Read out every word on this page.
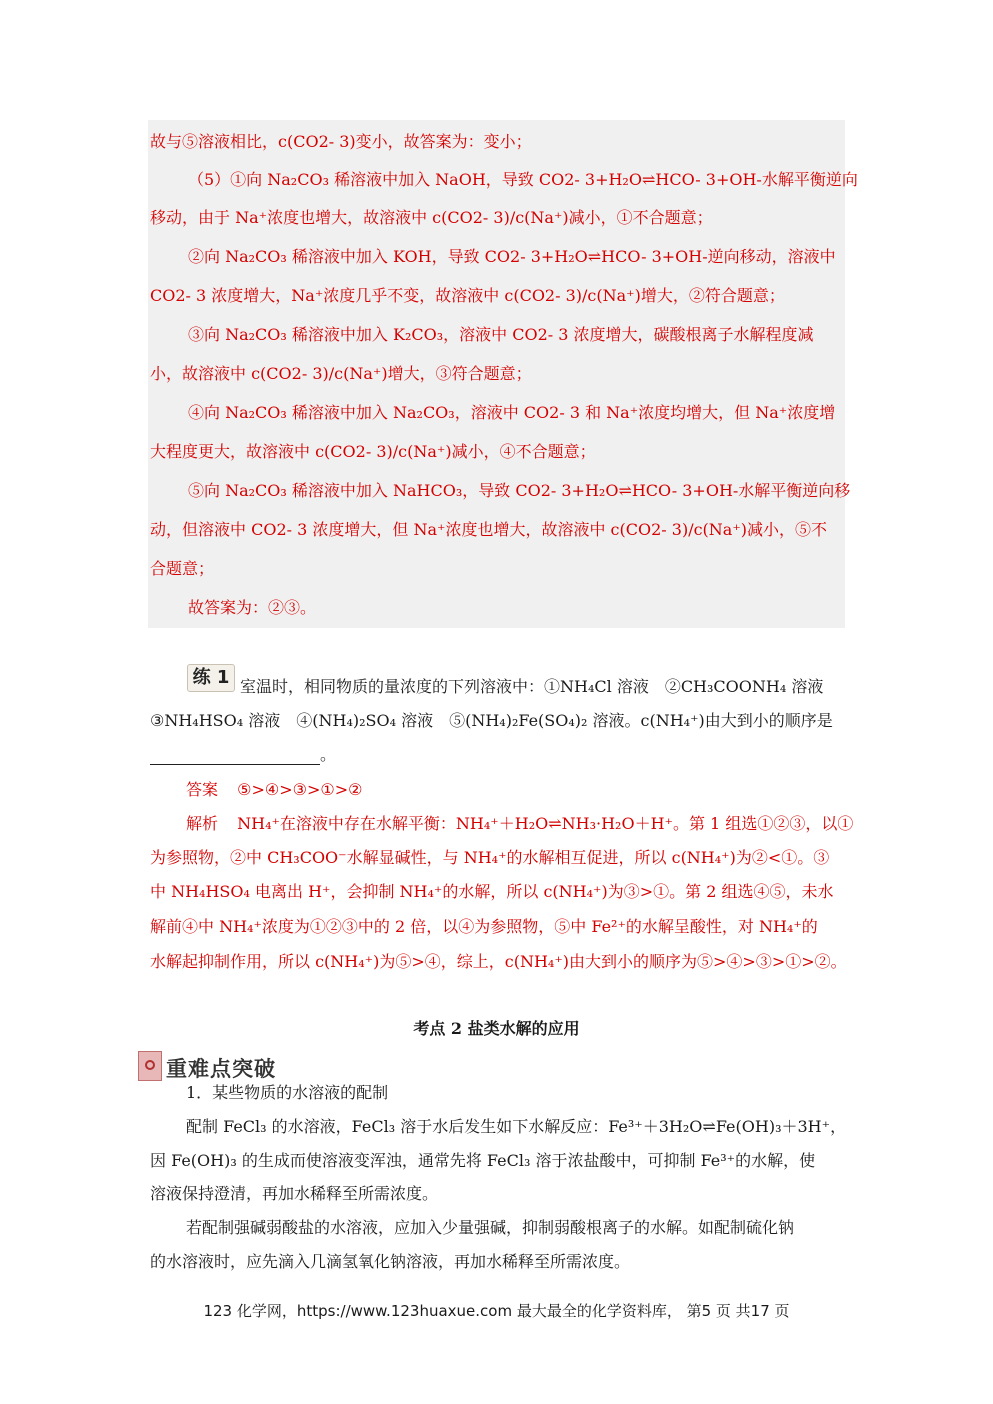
故与⑤溶液相比，c(CO2- 3)变小，故答案为：变小；
（5）①向 Na₂CO₃ 稀溶液中加入 NaOH，导致 CO2- 3+H₂O⇌HCO- 3+OH-水解平衡逆向
移动，由于 Na⁺浓度也增大，故溶液中 c(CO2- 3)/c(Na⁺)减小，①不合题意；
②向 Na₂CO₃ 稀溶液中加入 KOH，导致 CO2- 3+H₂O⇌HCO- 3+OH-逆向移动，溶液中
CO2- 3 浓度增大，Na⁺浓度几乎不变，故溶液中 c(CO2- 3)/c(Na⁺)增大，②符合题意；
③向 Na₂CO₃ 稀溶液中加入 K₂CO₃，溶液中 CO2- 3 浓度增大，碳酸根离子水解程度减
小，故溶液中 c(CO2- 3)/c(Na⁺)增大，③符合题意；
④向 Na₂CO₃ 稀溶液中加入 Na₂CO₃，溶液中 CO2- 3 和 Na⁺浓度均增大，但 Na⁺浓度增
大程度更大，故溶液中 c(CO2- 3)/c(Na⁺)减小，④不合题意；
⑤向 Na₂CO₃ 稀溶液中加入 NaHCO₃，导致 CO2- 3+H₂O⇌HCO- 3+OH-水解平衡逆向移
动，但溶液中 CO2- 3 浓度增大，但 Na⁺浓度也增大，故溶液中 c(CO2- 3)/c(Na⁺)减小，⑤不
合题意；
故答案为：②③。
练 1 室温时，相同物质的量浓度的下列溶液中：①NH₄Cl 溶液　②CH₃COONH₄ 溶液
③NH₄HSO₄ 溶液　④(NH₄)₂SO₄ 溶液　⑤(NH₄)₂Fe(SO₄)₂ 溶液。c(NH₄⁺)由大到小的顺序是
。
答案 ⑤>④>③>①>②
解析 NH₄⁺在溶液中存在水解平衡：NH₄⁺＋H₂O⇌NH₃·H₂O＋H⁺。第 1 组选①②③，以①
为参照物，②中 CH₃COO⁻水解显碱性，与 NH₄⁺的水解相互促进，所以 c(NH₄⁺)为②<①。③
中 NH₄HSO₄ 电离出 H⁺，会抑制 NH₄⁺的水解，所以 c(NH₄⁺)为③>①。第 2 组选④⑤，未水
解前④中 NH₄⁺浓度为①②③中的 2 倍，以④为参照物，⑤中 Fe²⁺的水解呈酸性，对 NH₄⁺的
水解起抑制作用，所以 c(NH₄⁺)为⑤>④，综上，c(NH₄⁺)由大到小的顺序为⑤>④>③>①>②。
考点 2 盐类水解的应用
重难点突破
1．某些物质的水溶液的配制
配制 FeCl₃ 的水溶液，FeCl₃ 溶于水后发生如下水解反应：Fe³⁺＋3H₂O⇌Fe(OH)₃＋3H⁺，
因 Fe(OH)₃ 的生成而使溶液变浑浊，通常先将 FeCl₃ 溶于浓盐酸中，可抑制 Fe³⁺的水解，使
溶液保持澄清，再加水稀释至所需浓度。
若配制强碱弱酸盐的水溶液，应加入少量强碱，抑制弱酸根离子的水解。如配制硫化钠
的水溶液时，应先滴入几滴氢氧化钠溶液，再加水稀释至所需浓度。
123 化学网，https://www.123huaxue.com 最大最全的化学资料库， 第5 页 共17 页
